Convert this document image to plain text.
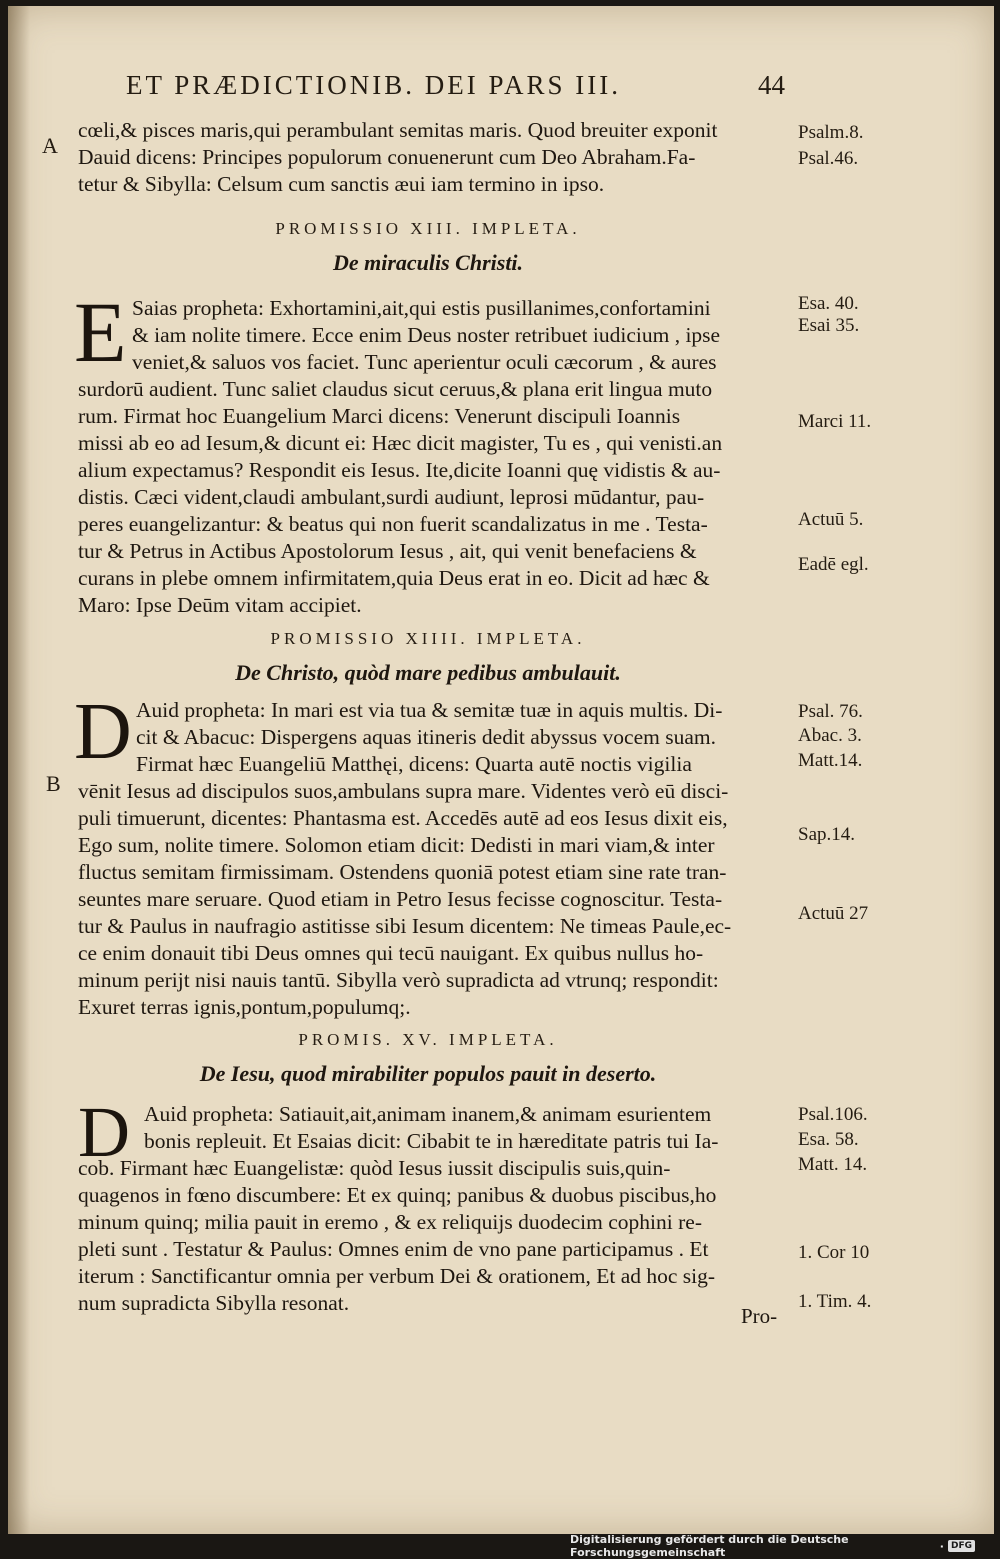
ET PRÆDICTIONIB. DEI PARS III.	44
cœli,& pisces maris,qui perambulant semitas maris. Quod breuiter exponit
Dauid dicens: Principes populorum conuenerunt cum Deo Abraham.Fa-
tetur & Sibylla: Celsum cum sanctis æui iam termino in ipso.
A
PROMISSIO XIII. IMPLETA.
De miraculis Christi.
E Saias propheta: Exhortamini,ait,qui estis pusillanimes,confortamini
& iam nolite timere. Ecce enim Deus noster retribuet iudicium , ipse
veniet,& saluos vos faciet. Tunc aperientur oculi cæcorum , & aures
surdorū audient. Tunc saliet claudus sicut ceruus,& plana erit lingua muto
rum. Firmat hoc Euangelium Marci dicens: Venerunt discipuli Ioannis
missi ab eo ad Iesum,& dicunt ei: Hæc dicit magister, Tu es , qui venisti.an
alium expectamus? Respondit eis Iesus. Ite,dicite Ioanni quę vidistis & au-
distis. Cæci vident,claudi ambulant,surdi audiunt, leprosi mūdantur, pau-
peres euangelizantur: & beatus qui non fuerit scandalizatus in me . Testa-
tur & Petrus in Actibus Apostolorum Iesus , ait, qui venit benefaciens &
curans in plebe omnem infirmitatem,quia Deus erat in eo. Dicit ad hæc &
Maro: Ipse Deūm vitam accipiet.
PROMISSIO XIIII. IMPLETA.
De Christo, quòd mare pedibus ambulauit.
D Auid propheta: In mari est via tua & semitæ tuæ in aquis multis. Di-
cit & Abacuc: Dispergens aquas itineris dedit abyssus vocem suam.
Firmat hæc Euangeliū Matthęi, dicens: Quarta autē noctis vigilia
vēnit Iesus ad discipulos suos,ambulans supra mare. Videntes verò eū disci-
puli timuerunt, dicentes: Phantasma est. Accedēs autē ad eos Iesus dixit eis,
Ego sum, nolite timere. Solomon etiam dicit: Dedisti in mari viam,& inter
fluctus semitam firmissimam. Ostendens quoniā potest etiam sine rate tran-
seuntes mare seruare. Quod etiam in Petro Iesus fecisse cognoscitur. Testa-
tur & Paulus in naufragio astitisse sibi Iesum dicentem: Ne timeas Paule,ec-
ce enim donauit tibi Deus omnes qui tecū nauigant. Ex quibus nullus ho-
minum perijt nisi nauis tantū. Sibylla verò supradicta ad vtrunq; respondit:
Exuret terras ignis,pontum,populumq;.
B
PROMIS. XV. IMPLETA.
De Iesu, quod mirabiliter populos pauit in deserto.
D Auid propheta: Satiauit,ait,animam inanem,& animam esurientem
bonis repleuit. Et Esaias dicit: Cibabit te in hæreditate patris tui Ia-
cob. Firmant hæc Euangelistæ: quòd Iesus iussit discipulis suis,quin-
quagenos in fœno discumbere: Et ex quinq; panibus & duobus piscibus,ho
minum quinq; milia pauit in eremo , & ex reliquijs duodecim cophini re-
pleti sunt . Testatur & Paulus: Omnes enim de vno pane participamus . Et
iterum : Sanctificantur omnia per verbum Dei & orationem, Et ad hoc sig-
num supradicta Sibylla resonat.
Psalm.8.
Psal.46.
Esa. 40.
Esai 35.
Marci 11.
Actuū 5.
Eadē egl.
Psal. 76.
Abac. 3.
Matt.14.
Sap.14.
Actuū 27
Psal.106.
Esa. 58.
Matt. 14.
1. Cor 10
1. Tim. 4.
Pro-
Digitalisierung gefördert durch die Deutsche Forschungsgemeinschaft	· DFG
